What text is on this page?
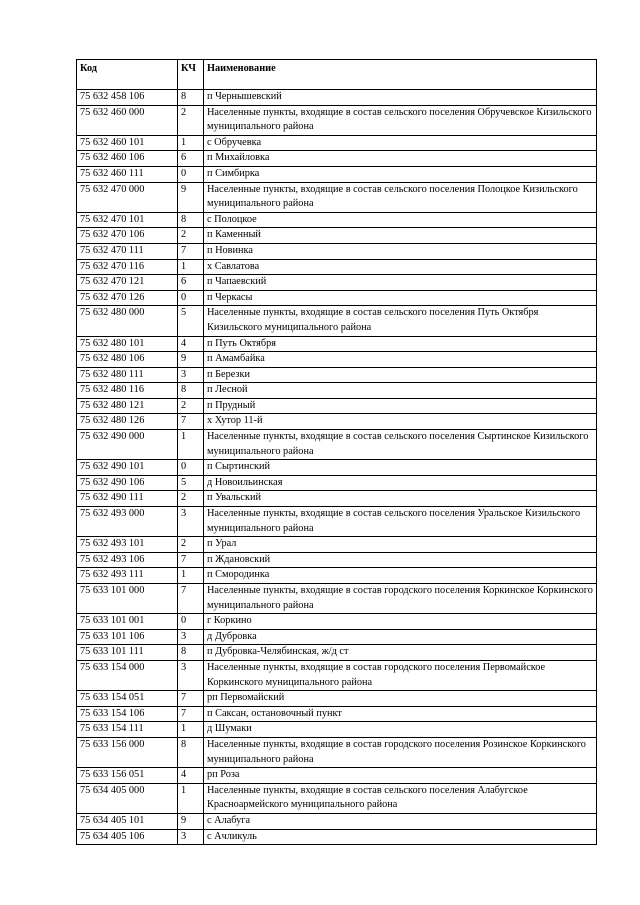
Код	КЧ	Наименование
75 632 458 106	8	п Чернышевский
75 632 460 000	2	Населенные пункты, входящие в состав сельского поселения Обручевское Кизильского муниципального района
75 632 460 101	1	с Обручевка
75 632 460 106	6	п Михайловка
75 632 460 111	0	п Симбирка
75 632 470 000	9	Населенные пункты, входящие в состав сельского поселения Полоцкое Кизильского муниципального района
75 632 470 101	8	с Полоцкое
75 632 470 106	2	п Каменный
75 632 470 111	7	п Новинка
75 632 470 116	1	х Савлатова
75 632 470 121	6	п Чапаевский
75 632 470 126	0	п Черкасы
75 632 480 000	5	Населенные пункты, входящие в состав сельского поселения Путь Октября Кизильского муниципального района
75 632 480 101	4	п Путь Октября
75 632 480 106	9	п Амамбайка
75 632 480 111	3	п Березки
75 632 480 116	8	п Лесной
75 632 480 121	2	п Прудный
75 632 480 126	7	х Хутор 11-й
75 632 490 000	1	Населенные пункты, входящие в состав сельского поселения Сыртинское Кизильского муниципального района
75 632 490 101	0	п Сыртинский
75 632 490 106	5	д Новоильинская
75 632 490 111	2	п Увальский
75 632 493 000	3	Населенные пункты, входящие в состав сельского поселения Уральское Кизильского муниципального района
75 632 493 101	2	п Урал
75 632 493 106	7	п Ждановский
75 632 493 111	1	п Смородинка
75 633 101 000	7	Населенные пункты, входящие в состав городского поселения Коркинское Коркинского муниципального района
75 633 101 001	0	г Коркино
75 633 101 106	3	д Дубровка
75 633 101 111	8	п Дубровка-Челябинская, ж/д ст
75 633 154 000	3	Населенные пункты, входящие в состав городского поселения Первомайское Коркинского муниципального района
75 633 154 051	7	рп Первомайский
75 633 154 106	7	п Саксан, остановочный пункт
75 633 154 111	1	д Шумаки
75 633 156 000	8	Населенные пункты, входящие в состав городского поселения Розинское Коркинского муниципального района
75 633 156 051	4	рп Роза
75 634 405 000	1	Населенные пункты, входящие в состав сельского поселения Алабугское Красноармейского муниципального района
75 634 405 101	9	с Алабуга
75 634 405 106	3	с Ачликуль
